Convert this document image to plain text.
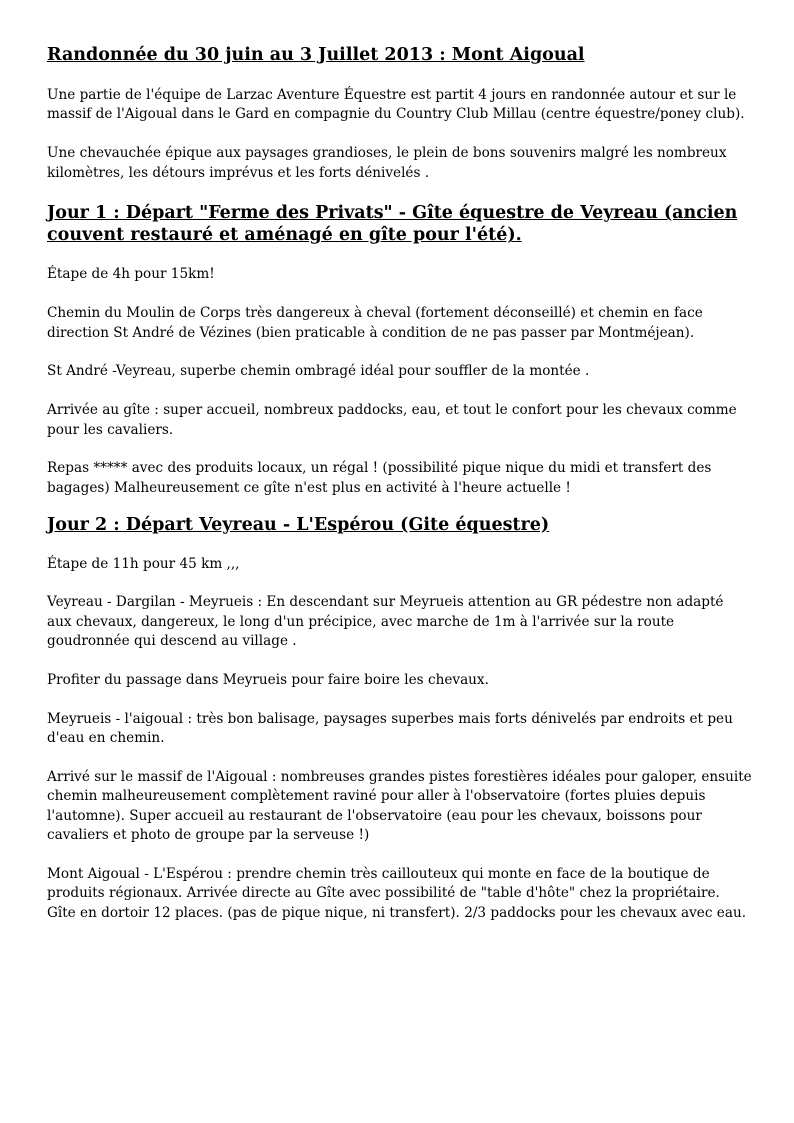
Randonnée du 30 juin au 3 Juillet 2013 : Mont Aigoual
Une partie de l'équipe de Larzac Aventure Équestre est partit 4 jours en randonnée autour et sur le massif de l'Aigoual dans le Gard en compagnie du Country Club Millau (centre équestre/poney club).
Une chevauchée épique aux paysages grandioses, le plein de bons souvenirs malgré les nombreux kilomètres, les détours imprévus et les forts dénivelés .
Jour 1 : Départ "Ferme des Privats" - Gîte équestre de Veyreau (ancien couvent restauré et aménagé en gîte pour l'été).
Étape de 4h pour 15km!
Chemin du Moulin de Corps très dangereux à cheval (fortement déconseillé) et chemin en face direction St André de Vézines (bien praticable à condition de ne pas passer par Montméjean).
St André -Veyreau, superbe chemin ombragé idéal pour souffler de la montée .
Arrivée au gîte : super accueil, nombreux paddocks, eau, et tout le confort pour les chevaux comme pour les cavaliers.
Repas ***** avec des produits locaux, un régal ! (possibilité pique nique du midi et transfert des bagages) Malheureusement ce gîte n'est plus en activité à l'heure actuelle !
Jour 2 : Départ Veyreau - L'Espérou (Gite équestre)
Étape de 11h pour 45 km ,,,
Veyreau - Dargilan - Meyrueis : En descendant sur Meyrueis attention au GR pédestre non adapté aux chevaux, dangereux, le long d'un précipice, avec marche de 1m à l'arrivée sur la route goudronnée qui descend au village .
Profiter du passage dans Meyrueis pour faire boire les chevaux.
Meyrueis - l'aigoual : très bon balisage, paysages superbes mais forts dénivelés par endroits et peu d'eau en chemin.
Arrivé sur le massif de l'Aigoual : nombreuses grandes pistes forestières idéales pour galoper, ensuite chemin malheureusement complètement raviné pour aller à l'observatoire (fortes pluies depuis l'automne). Super accueil au restaurant de l'observatoire (eau pour les chevaux, boissons pour cavaliers et photo de groupe par la serveuse !)
Mont Aigoual - L'Espérou : prendre chemin très caillouteux qui monte en face de la boutique de produits régionaux. Arrivée directe au Gîte avec possibilité de "table d'hôte" chez la propriétaire. Gîte en dortoir 12 places. (pas de pique nique, ni transfert). 2/3 paddocks pour les chevaux avec eau.
